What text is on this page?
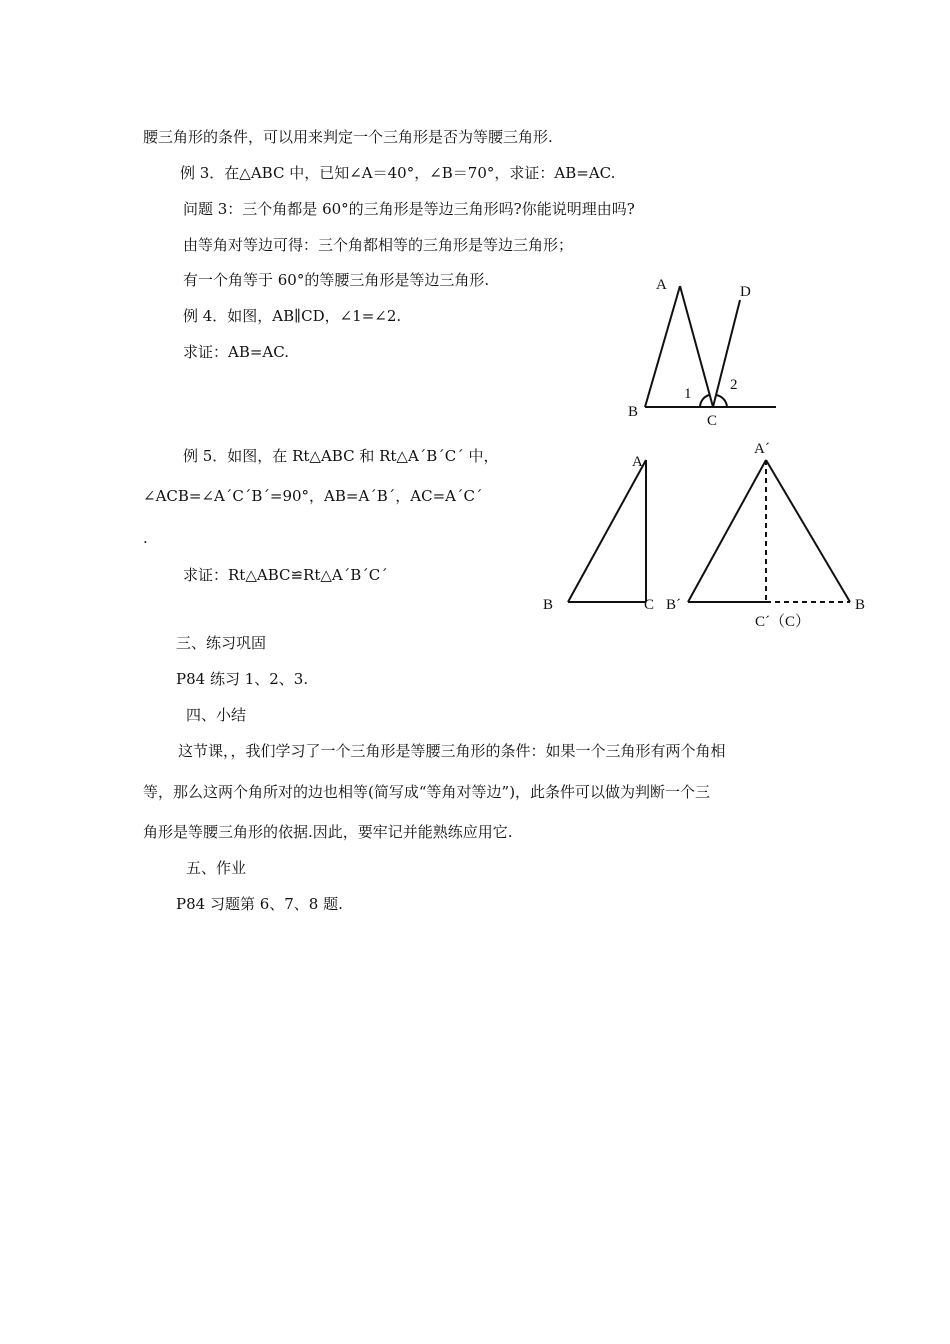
腰三角形的条件，可以用来判定一个三角形是否为等腰三角形.
例 3．在△ABC 中，已知∠A＝40°，∠B＝70°，求证：AB=AC.
问题 3：三个角都是 60°的三角形是等边三角形吗?你能说明理由吗?
由等角对等边可得：三个角都相等的三角形是等边三角形；
有一个角等于 60°的等腰三角形是等边三角形.
例 4．如图，AB∥CD，∠1=∠2.
求证：AB=AC.
例 5．如图，在 Rt△ABC 和 Rt△A´B´C´ 中，
∠ACB=∠A´C´B´=90°，AB=A´B´，AC=A´C´
.
求证：Rt△ABC≌Rt△A´B´C´
三、练习巩固
P84 练习 1、2、3.
四、小结
这节课，，我们学习了一个三角形是等腰三角形的条件：如果一个三角形有两个角相
等，那么这两个角所对的边也相等(简写成“等角对等边”)，此条件可以做为判断一个三
角形是等腰三角形的依据.因此，要牢记并能熟练应用它.
五、作业
P84 习题第 6、7、8 题.
A	D
1
2
B
C
A
B	C
A´
B´	B
C´（C）
